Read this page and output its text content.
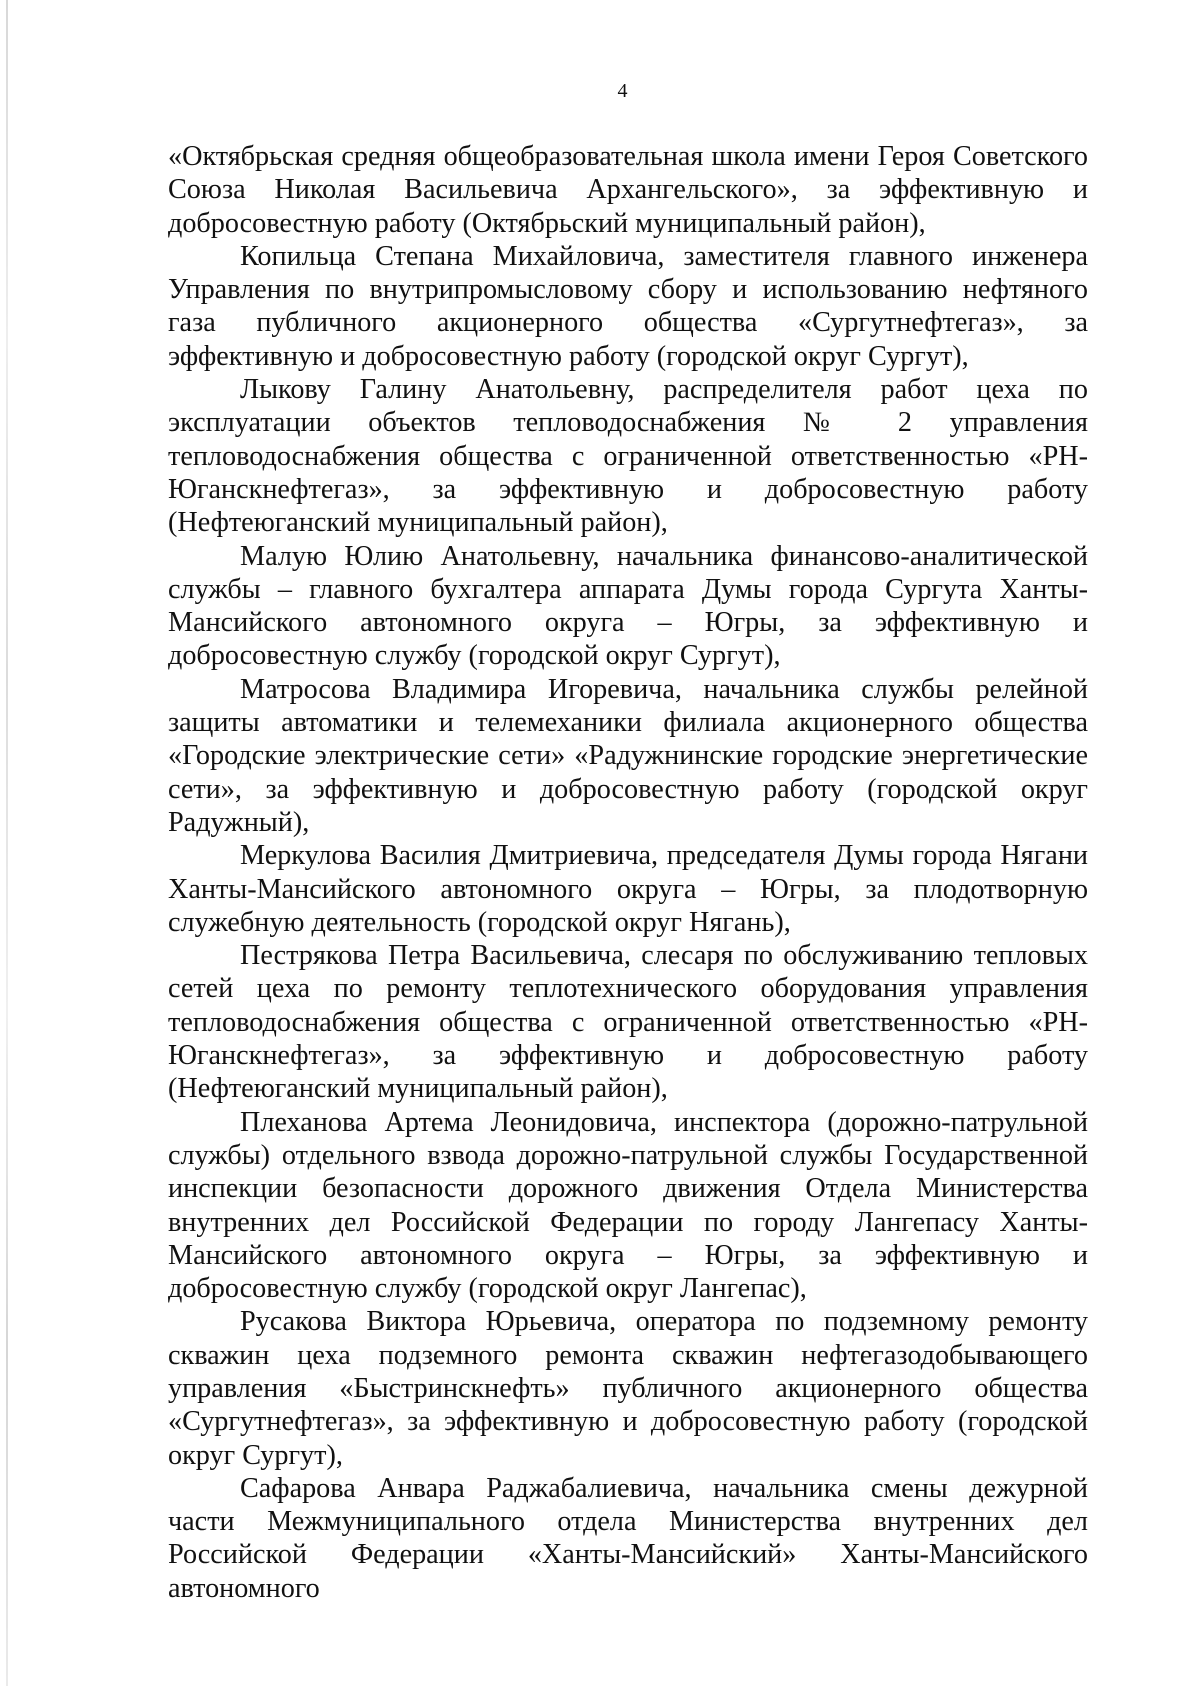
4

«Октябрьская средняя общеобразовательная школа имени Героя Советского Союза Николая Васильевича Архангельского», за эффективную и добросовестную работу (Октябрьский муниципальный район),

Копильца Степана Михайловича, заместителя главного инженера Управления по внутрипромысловому сбору и использованию нефтяного газа публичного акционерного общества «Сургутнефтегаз», за эффективную и добросовестную работу (городской округ Сургут),

Лыкову Галину Анатольевну, распределителя работ цеха по эксплуатации объектов тепловодоснабжения № 2 управления тепловодоснабжения общества с ограниченной ответственностью «РН-Юганскнефтегаз», за эффективную и добросовестную работу (Нефтеюганский муниципальный район),

Малую Юлию Анатольевну, начальника финансово-аналитической службы – главного бухгалтера аппарата Думы города Сургута Ханты-Мансийского автономного округа – Югры, за эффективную и добросовестную службу (городской округ Сургут),

Матросова Владимира Игоревича, начальника службы релейной защиты автоматики и телемеханики филиала акционерного общества «Городские электрические сети» «Радужнинские городские энергетические сети», за эффективную и добросовестную работу (городской округ Радужный),

Меркулова Василия Дмитриевича, председателя Думы города Нягани Ханты-Мансийского автономного округа – Югры, за плодотворную служебную деятельность (городской округ Нягань),

Пестрякова Петра Васильевича, слесаря по обслуживанию тепловых сетей цеха по ремонту теплотехнического оборудования управления тепловодоснабжения общества с ограниченной ответственностью «РН-Юганскнефтегаз», за эффективную и добросовестную работу (Нефтеюганский муниципальный район),

Плеханова Артема Леонидовича, инспектора (дорожно-патрульной службы) отдельного взвода дорожно-патрульной службы Государственной инспекции безопасности дорожного движения Отдела Министерства внутренних дел Российской Федерации по городу Лангепасу Ханты-Мансийского автономного округа – Югры, за эффективную и добросовестную службу (городской округ Лангепас),

Русакова Виктора Юрьевича, оператора по подземному ремонту скважин цеха подземного ремонта скважин нефтегазодобывающего управления «Быстринскнефть» публичного акционерного общества «Сургутнефтегаз», за эффективную и добросовестную работу (городской округ Сургут),

Сафарова Анвара Раджабалиевича, начальника смены дежурной части Межмуниципального отдела Министерства внутренних дел Российской Федерации «Ханты-Мансийский» Ханты-Мансийского автономного
